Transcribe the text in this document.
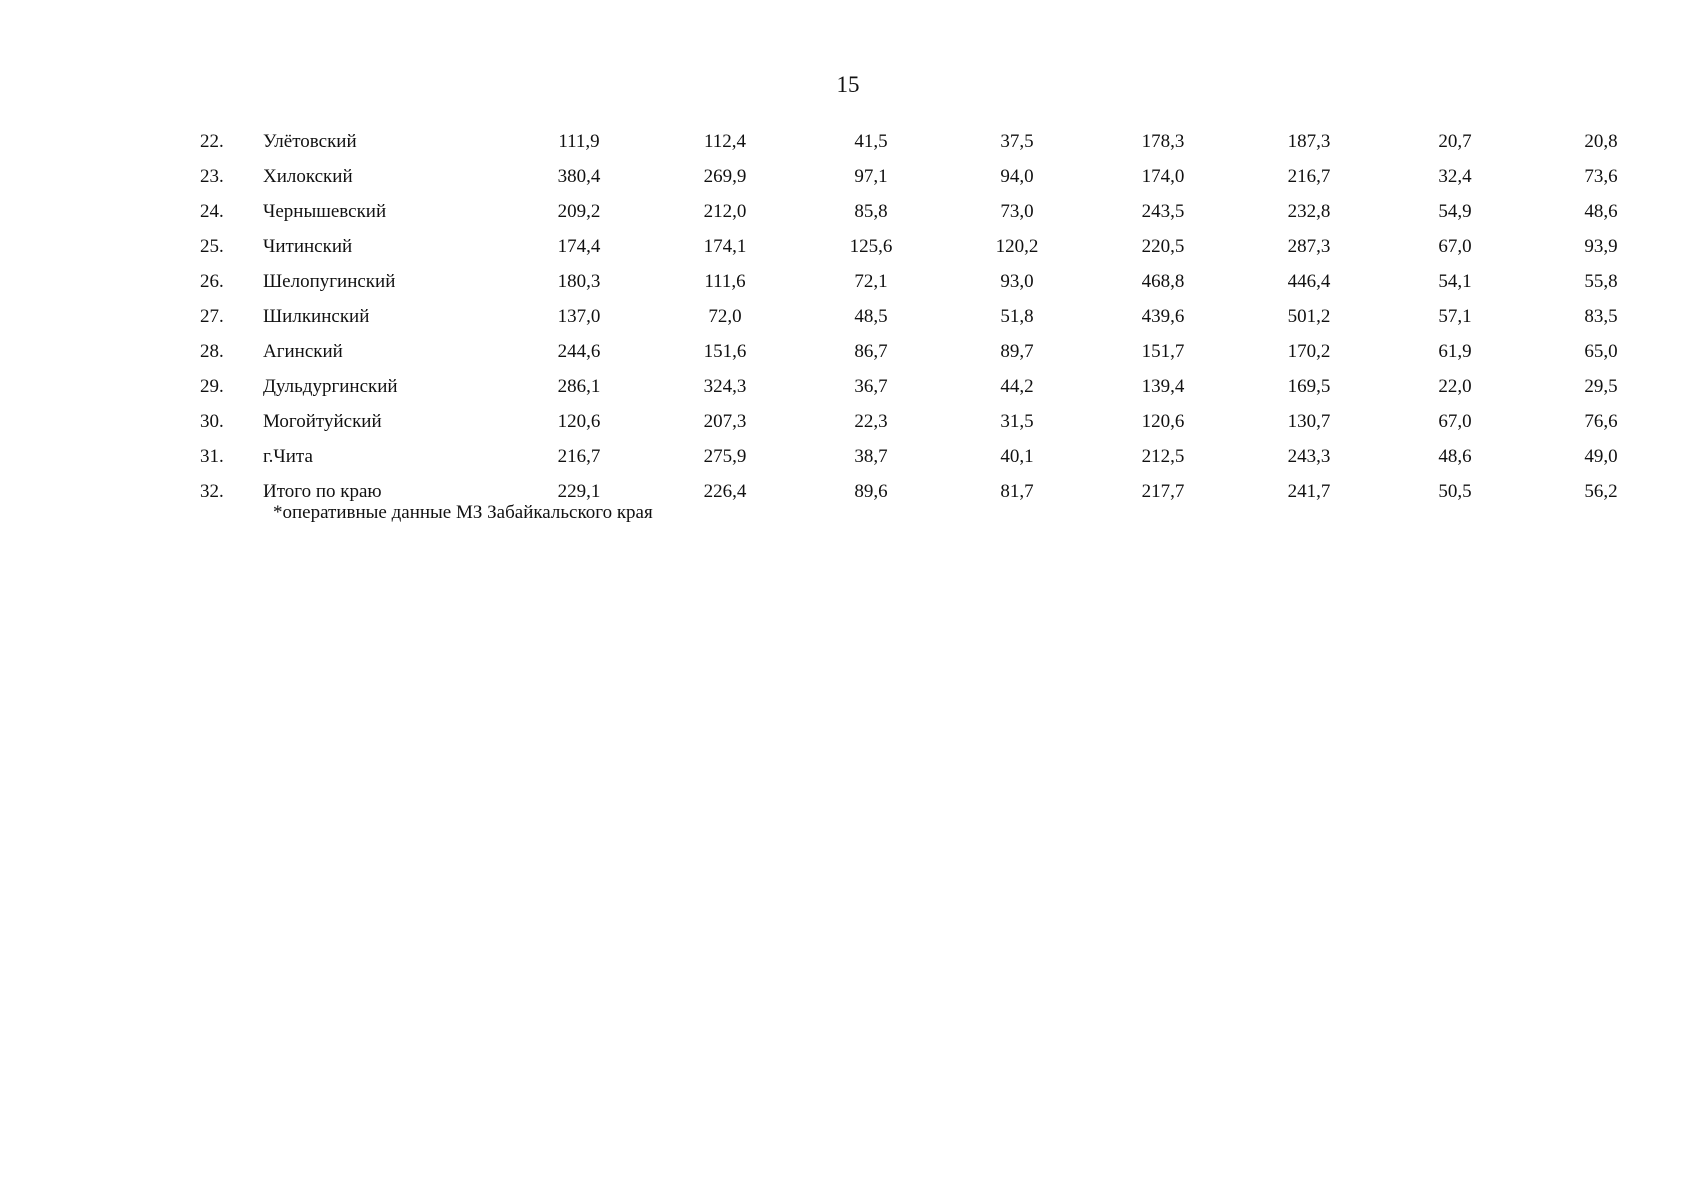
15
22.	Улётовский	111,9	112,4	41,5	37,5	178,3	187,3	20,7	20,8
23.	Хилокский	380,4	269,9	97,1	94,0	174,0	216,7	32,4	73,6
24.	Чернышевский	209,2	212,0	85,8	73,0	243,5	232,8	54,9	48,6
25.	Читинский	174,4	174,1	125,6	120,2	220,5	287,3	67,0	93,9
26.	Шелопугинский	180,3	111,6	72,1	93,0	468,8	446,4	54,1	55,8
27.	Шилкинский	137,0	72,0	48,5	51,8	439,6	501,2	57,1	83,5
28.	Агинский	244,6	151,6	86,7	89,7	151,7	170,2	61,9	65,0
29.	Дульдургинский	286,1	324,3	36,7	44,2	139,4	169,5	22,0	29,5
30.	Могойтуйский	120,6	207,3	22,3	31,5	120,6	130,7	67,0	76,6
31.	г.Чита	216,7	275,9	38,7	40,1	212,5	243,3	48,6	49,0
32.	Итого по краю	229,1	226,4	89,6	81,7	217,7	241,7	50,5	56,2
*оперативные данные МЗ Забайкальского края
